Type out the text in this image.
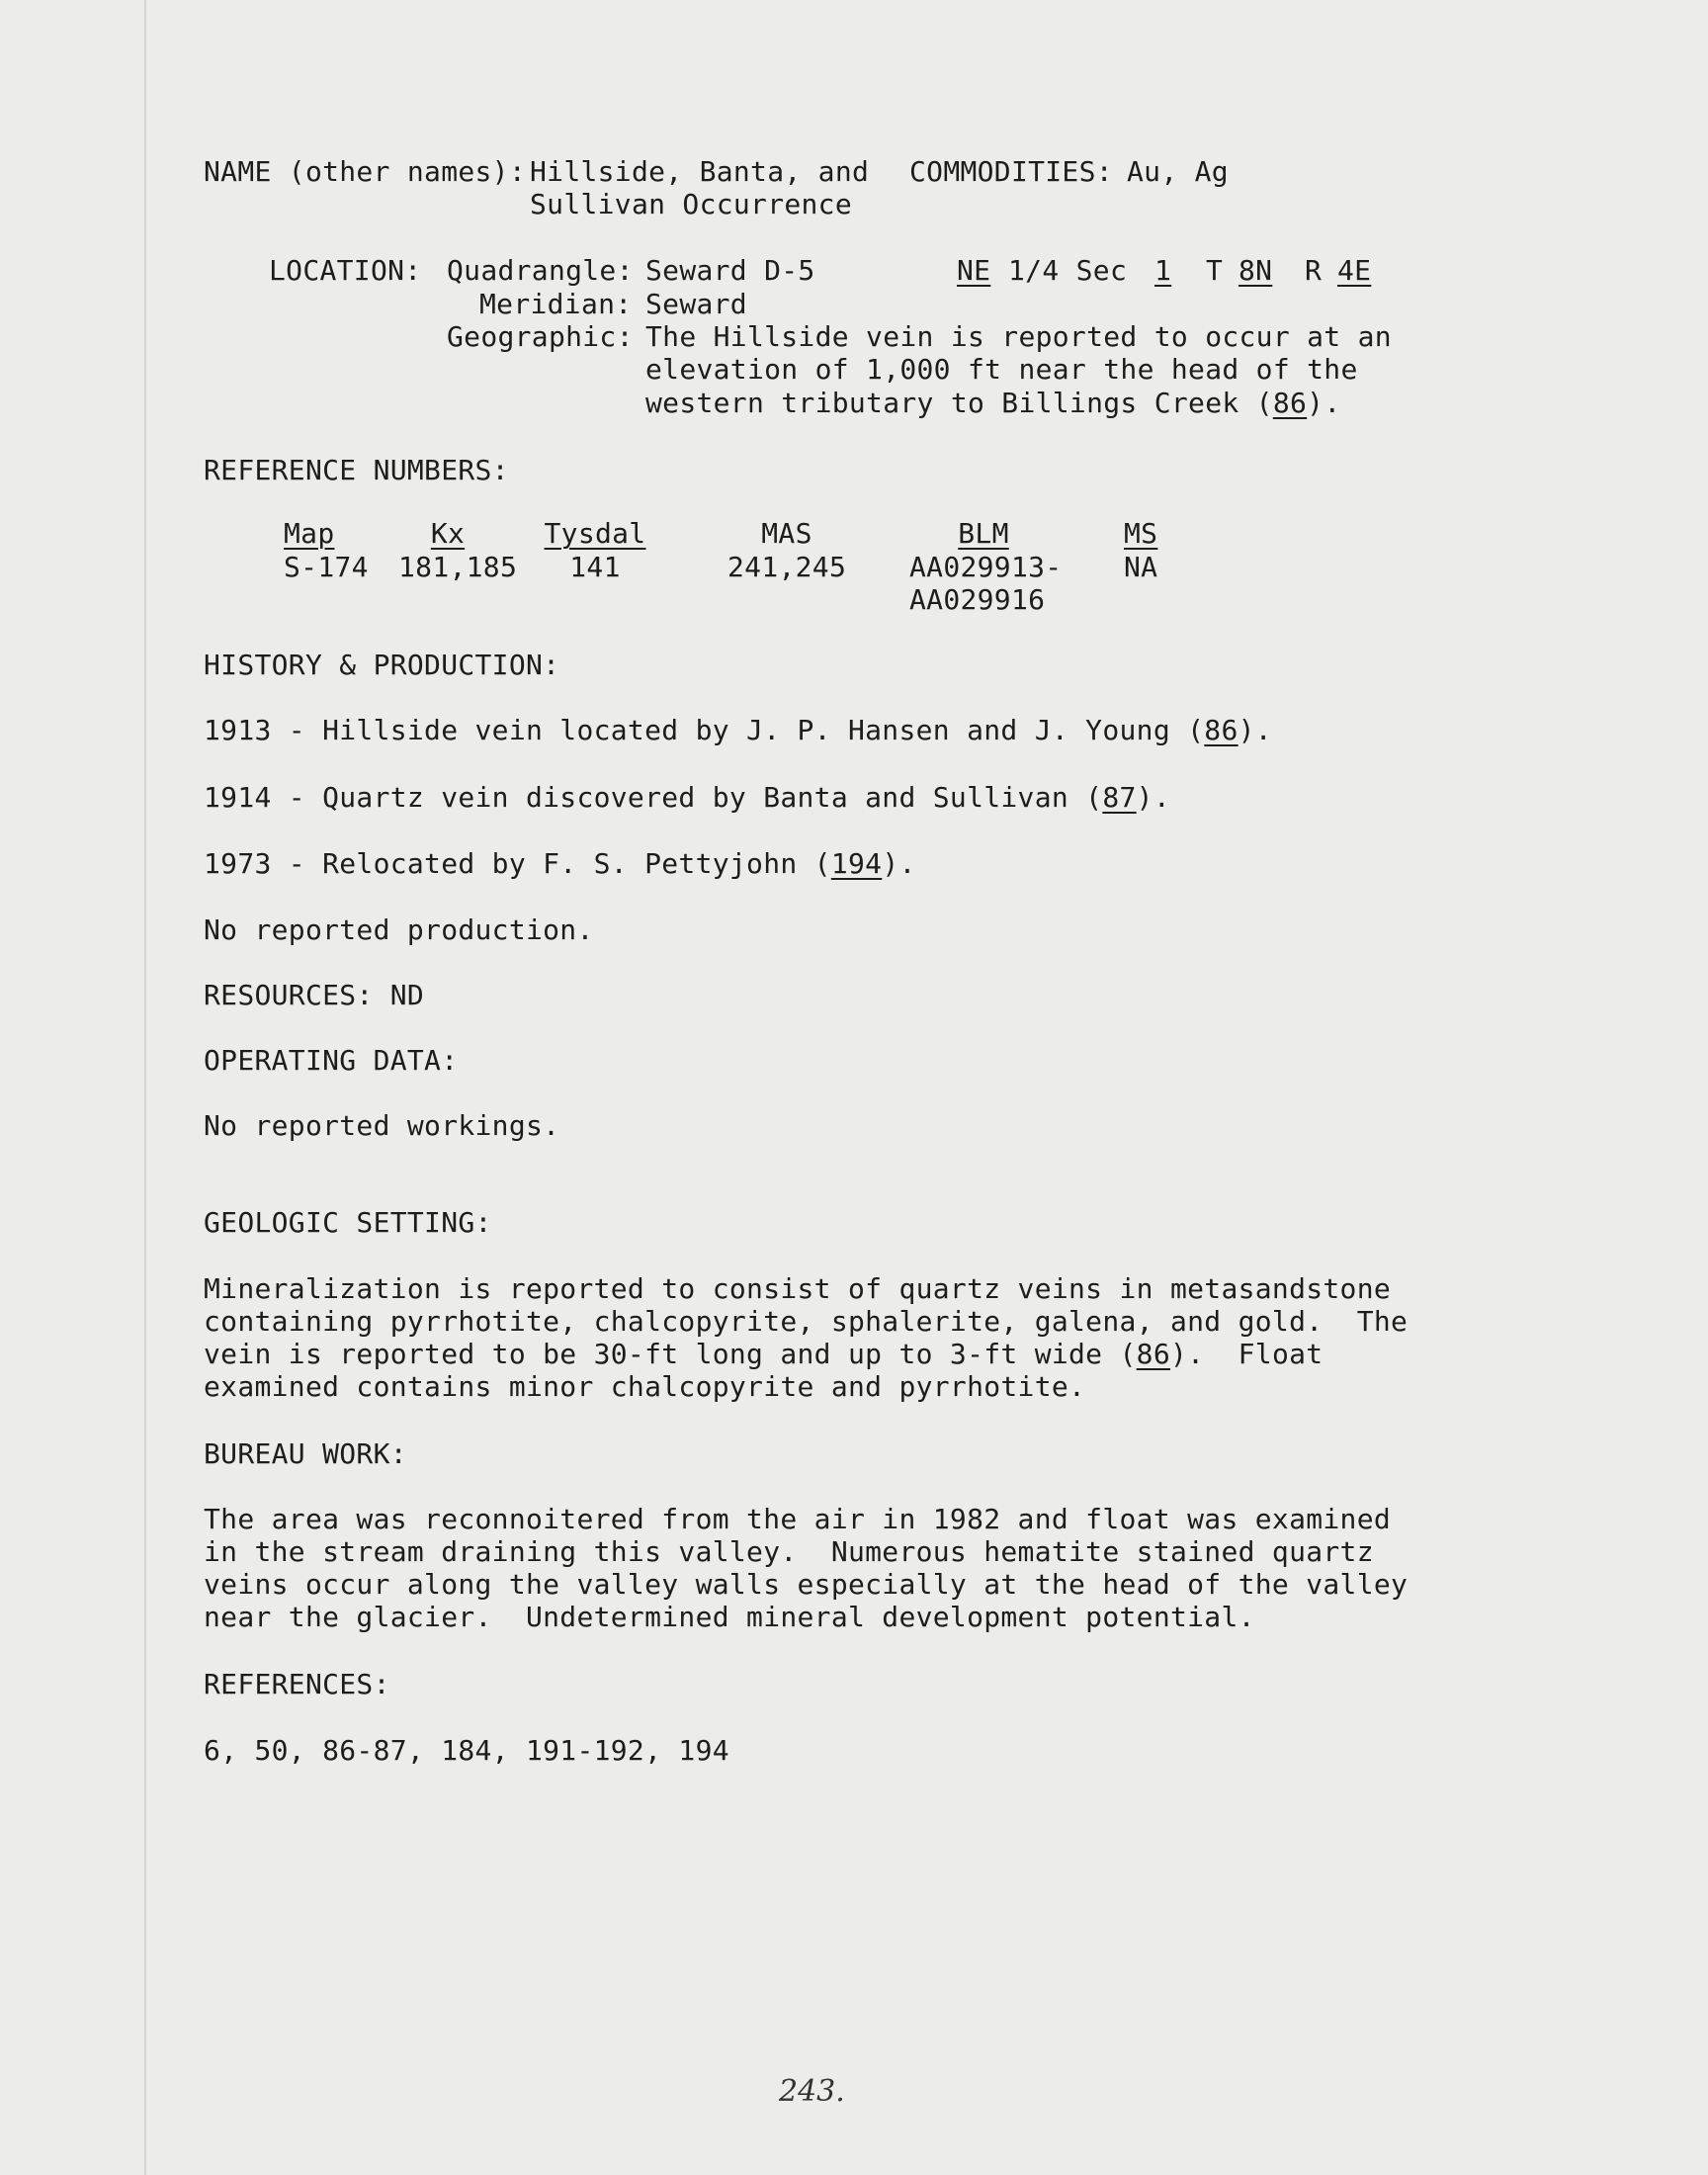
NAME (other names): Hillside, Banta, and
Sullivan Occurrence
COMMODITIES: Au, Ag
LOCATION: Quadrangle: Seward D-5	NE 1/4 Sec 1 T 8N R 4E
Meridian: Seward
Geographic: The Hillside vein is reported to occur at an
elevation of 1,000 ft near the head of the
western tributary to Billings Creek (86).
REFERENCE NUMBERS:
Map
S-174
Kx
181,185
Tysdal
141
MAS
241,245
BLM
AA029913-
AA029916
MS
NA
HISTORY & PRODUCTION:
1913 - Hillside vein located by J. P. Hansen and J. Young (86).
1914 - Quartz vein discovered by Banta and Sullivan (87).
1973 - Relocated by F. S. Pettyjohn (194).
No reported production.
RESOURCES: ND
OPERATING DATA:
No reported workings.
GEOLOGIC SETTING:
Mineralization is reported to consist of quartz veins in metasandstone
containing pyrrhotite, chalcopyrite, sphalerite, galena, and gold.  The
vein is reported to be 30-ft long and up to 3-ft wide (86).  Float
examined contains minor chalcopyrite and pyrrhotite.
BUREAU WORK:
The area was reconnoitered from the air in 1982 and float was examined
in the stream draining this valley.  Numerous hematite stained quartz
veins occur along the valley walls especially at the head of the valley
near the glacier.  Undetermined mineral development potential.
REFERENCES:
6, 50, 86-87, 184, 191-192, 194
243.
